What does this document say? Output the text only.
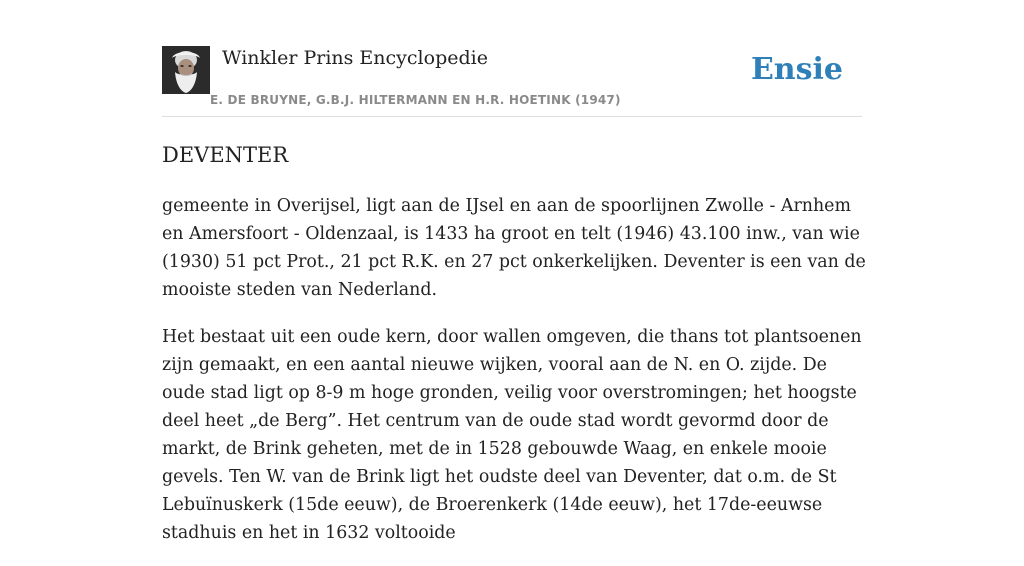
Winkler Prins Encyclopedie
E. DE BRUYNE, G.B.J. HILTERMANN EN H.R. HOETINK (1947)
Ensie
DEVENTER

gemeente in Overijsel, ligt aan de IJsel en aan de spoorlijnen Zwolle - Arnhem en Amersfoort - Oldenzaal, is 1433 ha groot en telt (1946) 43.100 inw., van wie (1930) 51 pct Prot., 21 pct R.K. en 27 pct onkerkelijken. Deventer is een van de mooiste steden van Nederland.

Het bestaat uit een oude kern, door wallen omgeven, die thans tot plantsoenen zijn gemaakt, en een aantal nieuwe wijken, vooral aan de N. en O. zijde. De oude stad ligt op 8-9 m hoge gronden, veilig voor overstromingen; het hoogste deel heet „de Berg”. Het centrum van de oude stad wordt gevormd door de markt, de Brink geheten, met de in 1528 gebouwde Waag, en enkele mooie gevels. Ten W. van de Brink ligt het oudste deel van Deventer, dat o.m. de St Lebuïnuskerk (15de eeuw), de Broerenkerk (14de eeuw), het 17de-eeuwse stadhuis en het in 1632 voltooide
